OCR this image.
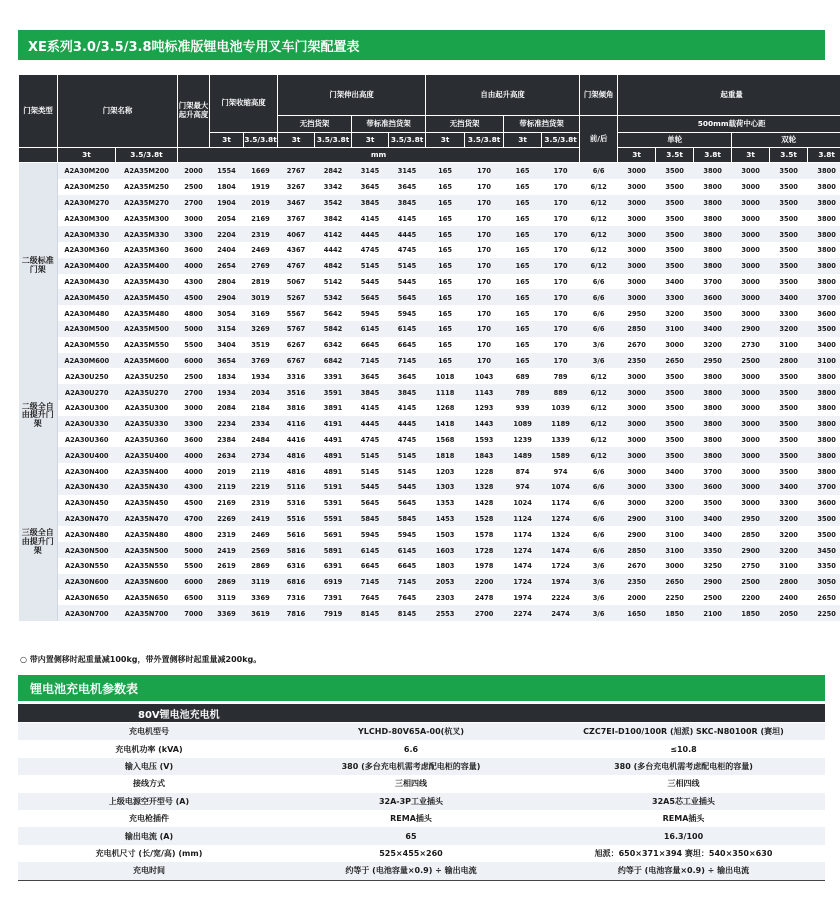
XE系列3.0/3.5/3.8吨标准版锂电池专用叉车门架配置表
门架类型	门架名称		门架最大起升高度	门架收缩高度		门架伸出高度				自由起升高度				门架倾角	起重量					
						无挡货架		带标准挡货架		无挡货架		带标准挡货架		前/后	500mm载荷中心距					
				3t	3.5/3.8t	3t	3.5/3.8t	3t	3.5/3.8t	3t	3.5/3.8t	3t	3.5/3.8t		单轮			双轮		
	3t	3.5/3.8t	mm												3t	3.5t	3.8t	3t	3.5t	3.8t
二级标准门架	A2A30M200	A2A35M200	2000	1554	1669	2767	2842	3145	3145	165	170	165	170	6/6	3000	3500	3800	3000	3500	3800
	A2A30M250	A2A35M250	2500	1804	1919	3267	3342	3645	3645	165	170	165	170	6/12	3000	3500	3800	3000	3500	3800
	A2A30M270	A2A35M270	2700	1904	2019	3467	3542	3845	3845	165	170	165	170	6/12	3000	3500	3800	3000	3500	3800
	A2A30M300	A2A35M300	3000	2054	2169	3767	3842	4145	4145	165	170	165	170	6/12	3000	3500	3800	3000	3500	3800
	A2A30M330	A2A35M330	3300	2204	2319	4067	4142	4445	4445	165	170	165	170	6/12	3000	3500	3800	3000	3500	3800
	A2A30M360	A2A35M360	3600	2404	2469	4367	4442	4745	4745	165	170	165	170	6/12	3000	3500	3800	3000	3500	3800
	A2A30M400	A2A35M400	4000	2654	2769	4767	4842	5145	5145	165	170	165	170	6/12	3000	3500	3800	3000	3500	3800
	A2A30M430	A2A35M430	4300	2804	2819	5067	5142	5445	5445	165	170	165	170	6/6	3000	3400	3700	3000	3500	3800
	A2A30M450	A2A35M450	4500	2904	3019	5267	5342	5645	5645	165	170	165	170	6/6	3000	3300	3600	3000	3400	3700
	A2A30M480	A2A35M480	4800	3054	3169	5567	5642	5945	5945	165	170	165	170	6/6	2950	3200	3500	3000	3300	3600
	A2A30M500	A2A35M500	5000	3154	3269	5767	5842	6145	6145	165	170	165	170	6/6	2850	3100	3400	2900	3200	3500
	A2A30M550	A2A35M550	5500	3404	3519	6267	6342	6645	6645	165	170	165	170	3/6	2670	3000	3200	2730	3100	3400
	A2A30M600	A2A35M600	6000	3654	3769	6767	6842	7145	7145	165	170	165	170	3/6	2350	2650	2950	2500	2800	3100
二级全自由提升门架	A2A30U250	A2A35U250	2500	1834	1934	3316	3391	3645	3645	1018	1043	689	789	6/12	3000	3500	3800	3000	3500	3800
	A2A30U270	A2A35U270	2700	1934	2034	3516	3591	3845	3845	1118	1143	789	889	6/12	3000	3500	3800	3000	3500	3800
	A2A30U300	A2A35U300	3000	2084	2184	3816	3891	4145	4145	1268	1293	939	1039	6/12	3000	3500	3800	3000	3500	3800
	A2A30U330	A2A35U330	3300	2234	2334	4116	4191	4445	4445	1418	1443	1089	1189	6/12	3000	3500	3800	3000	3500	3800
	A2A30U360	A2A35U360	3600	2384	2484	4416	4491	4745	4745	1568	1593	1239	1339	6/12	3000	3500	3800	3000	3500	3800
	A2A30U400	A2A35U400	4000	2634	2734	4816	4891	5145	5145	1818	1843	1489	1589	6/12	3000	3500	3800	3000	3500	3800
三级全自由提升门架	A2A30N400	A2A35N400	4000	2019	2119	4816	4891	5145	5145	1203	1228	874	974	6/6	3000	3400	3700	3000	3500	3800
	A2A30N430	A2A35N430	4300	2119	2219	5116	5191	5445	5445	1303	1328	974	1074	6/6	3000	3300	3600	3000	3400	3700
	A2A30N450	A2A35N450	4500	2169	2319	5316	5391	5645	5645	1353	1428	1024	1174	6/6	3000	3200	3500	3000	3300	3600
	A2A30N470	A2A35N470	4700	2269	2419	5516	5591	5845	5845	1453	1528	1124	1274	6/6	2900	3100	3400	2950	3200	3500
	A2A30N480	A2A35N480	4800	2319	2469	5616	5691	5945	5945	1503	1578	1174	1324	6/6	2900	3100	3400	2850	3200	3500
	A2A30N500	A2A35N500	5000	2419	2569	5816	5891	6145	6145	1603	1728	1274	1474	6/6	2850	3100	3350	2900	3200	3450
	A2A30N550	A2A35N550	5500	2619	2869	6316	6391	6645	6645	1803	1978	1474	1724	3/6	2670	3000	3250	2750	3100	3350
	A2A30N600	A2A35N600	6000	2869	3119	6816	6919	7145	7145	2053	2200	1724	1974	3/6	2350	2650	2900	2500	2800	3050
	A2A30N650	A2A35N650	6500	3119	3369	7316	7391	7645	7645	2303	2478	1974	2224	3/6	2000	2250	2500	2200	2400	2650
	A2A30N700	A2A35N700	7000	3369	3619	7816	7919	8145	8145	2553	2700	2274	2474	3/6	1650	1850	2100	1850	2050	2250
○ 带内置侧移时起重量减100kg，带外置侧移时起重量减200kg。
锂电池充电机参数表
80V锂电池充电机
充电机型号	YLCHD-80V65A-00(杭叉)	CZC7EI-D100/100R (旭派) SKC-N80100R (赛坦)
充电机功率 (kVA)	6.6	≤10.8
输入电压 (V)	380 (多台充电机需考虑配电柜的容量)	380 (多台充电机需考虑配电柜的容量)
接线方式	三相四线	三相四线
上级电源空开型号 (A)	32A-3P工业插头	32A5芯工业插头
充电枪插件	REMA插头	REMA插头
输出电流 (A)	65	16.3/100
充电机尺寸 (长/宽/高) (mm)	525×455×260	旭派：650×371×394 赛坦：540×350×630
充电时间	约等于 (电池容量×0.9) ÷ 输出电流	约等于 (电池容量×0.9) ÷ 输出电流
